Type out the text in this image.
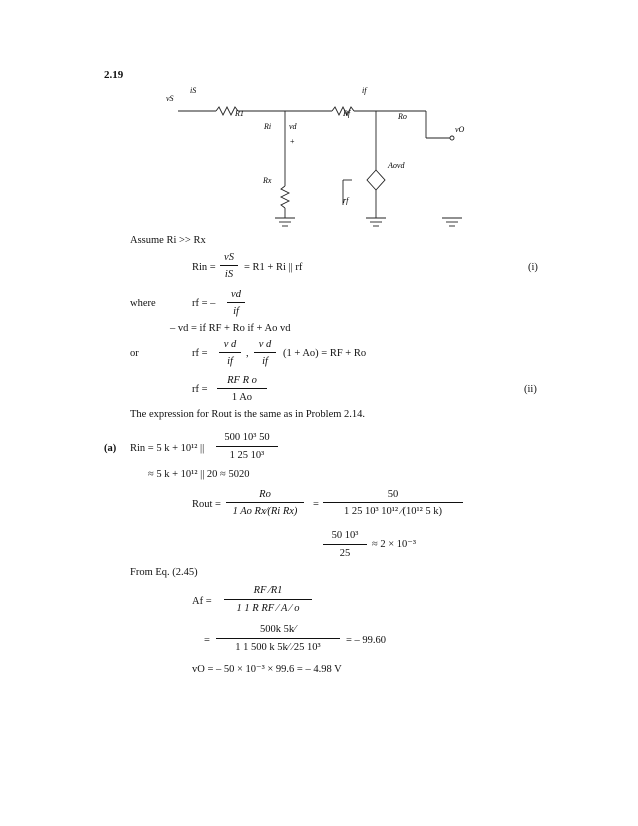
2.19
vS
iS	if
R1	Rf
Ri vd
+
Rx
Ro
vO
Aovd
rf
Assume Ri >> Rx
Rin =
vS
iS
= R1 + Ri || rf	(i)
where	rf = –
vd
if
– vd = if RF + Ro if + Ao vd
or	rf =
v d
if
,
v d
if
(1 + Ao) = RF + Ro
rf =
RF R o
1 Ao
(ii)
The expression for Rout is the same as in Problem 2.14.
(a) Rin = 5 k + 10¹² ||
500 10³ 50
1 25 10³
≈ 5 k + 10¹² || 20 ≈ 5020
Rout =
Ro
1 Ao Rx⁄(Ri Rx)
=
50
1 25 10³ 10¹² ⁄(10¹² 5 k)
50 10³
25
≈ 2 × 10⁻³
From Eq. (2.45)
Af =
RF ⁄R1
1 1 R RF ⁄ A ⁄ o
=
500k 5k⁄
1 1 500 k 5k⁄ ⁄25 10³
= – 99.60
vO = – 50 × 10⁻³ × 99.6 = – 4.98 V
